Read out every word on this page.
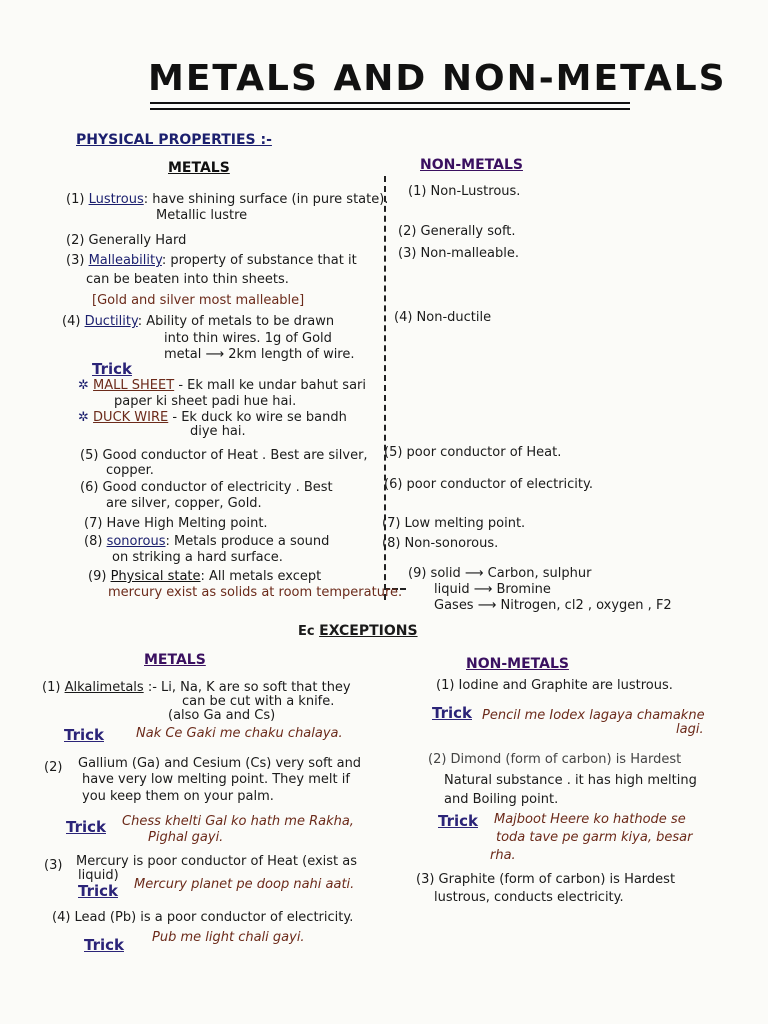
METALS AND NON-METALS
PHYSICAL PROPERTIES :-
METALS	NON-METALS
(1) Lustrous: have shining surface (in pure state).
Metallic lustre
(2) Generally Hard
(3) Malleability: property of substance that it
can be beaten into thin sheets.
[Gold and silver most malleable]
(4) Ductility: Ability of metals to be drawn
into thin wires. 1g of Gold
metal ⟶ 2km length of wire.
Trick
✲ MALL SHEET - Ek mall ke undar bahut sari
paper ki sheet padi hue hai.
✲ DUCK WIRE - Ek duck ko wire se bandh
diye hai.
(5) Good conductor of Heat . Best are silver,
copper.
(6) Good conductor of electricity . Best
are silver, copper, Gold.
(7) Have High Melting point.
(8) sonorous: Metals produce a sound
on striking a hard surface.
(9) Physical state: All metals except
mercury exist as solids at room temperature.
(1) Non-Lustrous.
(2) Generally soft.
(3) Non-malleable.
(4) Non-ductile
(5) poor conductor of Heat.
(6) poor conductor of electricity.
(7) Low melting point.
(8) Non-sonorous.
(9) solid ⟶ Carbon, sulphur
liquid ⟶ Bromine
Gases ⟶ Nitrogen, cl2 , oxygen , F2
Ec EXCEPTIONS
METALS	NON-METALS
(1) Alkalimetals :- Li, Na, K are so soft that they
can be cut with a knife.
(also Ga and Cs)
Trick Nak Ce Gaki me chaku chalaya.
(2) Gallium (Ga) and Cesium (Cs) very soft and
have very low melting point. They melt if
you keep them on your palm.
Trick Chess khelti Gal ko hath me Rakha,
Pighal gayi.
(3) Mercury is poor conductor of Heat (exist as
liquid)
Trick Mercury planet pe doop nahi aati.
(4) Lead (Pb) is a poor conductor of electricity.
Trick Pub me light chali gayi.
(1) Iodine and Graphite are lustrous.
Trick Pencil me Iodex lagaya chamakne
lagi.
(2) Dimond (form of carbon) is Hardest
Natural substance . it has high melting
and Boiling point.
Trick Majboot Heere ko hathode se
toda tave pe garm kiya, besar
rha.
(3) Graphite (form of carbon) is Hardest
lustrous, conducts electricity.
